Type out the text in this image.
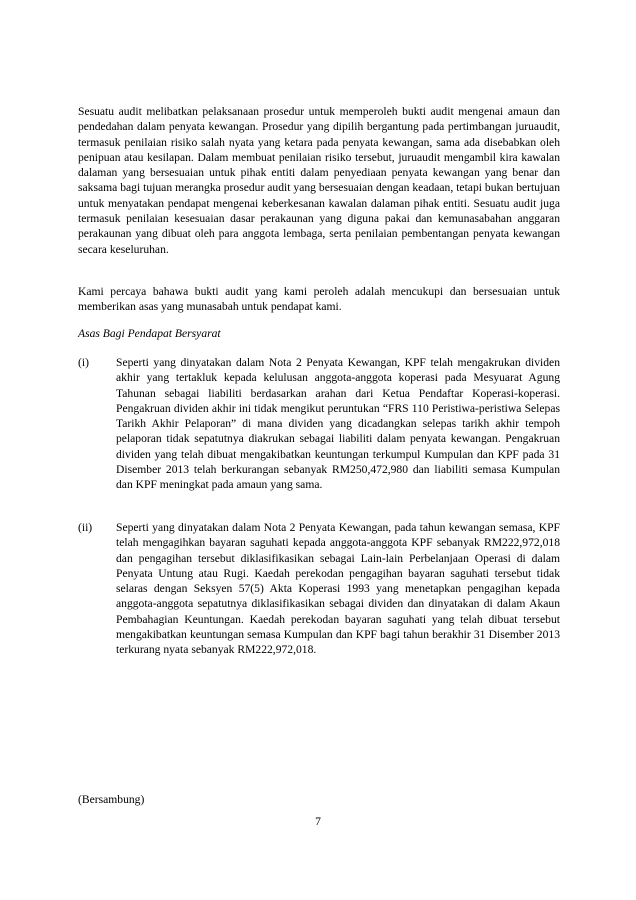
Sesuatu audit melibatkan pelaksanaan prosedur untuk memperoleh bukti audit mengenai amaun dan pendedahan dalam penyata kewangan. Prosedur yang dipilih bergantung pada pertimbangan juruaudit, termasuk penilaian risiko salah nyata yang ketara pada penyata kewangan, sama ada disebabkan oleh penipuan atau kesilapan. Dalam membuat penilaian risiko tersebut, juruaudit mengambil kira kawalan dalaman yang bersesuaian untuk pihak entiti dalam penyediaan penyata kewangan yang benar dan saksama bagi tujuan merangka prosedur audit yang bersesuaian dengan keadaan, tetapi bukan bertujuan untuk menyatakan pendapat mengenai keberkesanan kawalan dalaman pihak entiti. Sesuatu audit juga termasuk penilaian kesesuaian dasar perakaunan yang diguna pakai dan kemunasabahan anggaran perakaunan yang dibuat oleh para anggota lembaga, serta penilaian pembentangan penyata kewangan secara keseluruhan.

Kami percaya bahawa bukti audit yang kami peroleh adalah mencukupi dan bersesuaian untuk memberikan asas yang munasabah untuk pendapat kami.

Asas Bagi Pendapat Bersyarat

(i) Seperti yang dinyatakan dalam Nota 2 Penyata Kewangan, KPF telah mengakrukan dividen akhir yang tertakluk kepada kelulusan anggota-anggota koperasi pada Mesyuarat Agung Tahunan sebagai liabiliti berdasarkan arahan dari Ketua Pendaftar Koperasi-koperasi. Pengakruan dividen akhir ini tidak mengikut peruntukan “FRS 110 Peristiwa-peristiwa Selepas Tarikh Akhir Pelaporan” di mana dividen yang dicadangkan selepas tarikh akhir tempoh pelaporan tidak sepatutnya diakrukan sebagai liabiliti dalam penyata kewangan. Pengakruan dividen yang telah dibuat mengakibatkan keuntungan terkumpul Kumpulan dan KPF pada 31 Disember 2013 telah berkurangan sebanyak RM250,472,980 dan liabiliti semasa Kumpulan dan KPF meningkat pada amaun yang sama.

(ii) Seperti yang dinyatakan dalam Nota 2 Penyata Kewangan, pada tahun kewangan semasa, KPF telah mengagihkan bayaran saguhati kepada anggota-anggota KPF sebanyak RM222,972,018 dan pengagihan tersebut diklasifikasikan sebagai Lain-lain Perbelanjaan Operasi di dalam Penyata Untung atau Rugi. Kaedah perekodan pengagihan bayaran saguhati tersebut tidak selaras dengan Seksyen 57(5) Akta Koperasi 1993 yang menetapkan pengagihan kepada anggota-anggota sepatutnya diklasifikasikan sebagai dividen dan dinyatakan di dalam Akaun Pembahagian Keuntungan. Kaedah perekodan bayaran saguhati yang telah dibuat tersebut mengakibatkan keuntungan semasa Kumpulan dan KPF bagi tahun berakhir 31 Disember 2013 terkurang nyata sebanyak RM222,972,018.

(Bersambung)

7
